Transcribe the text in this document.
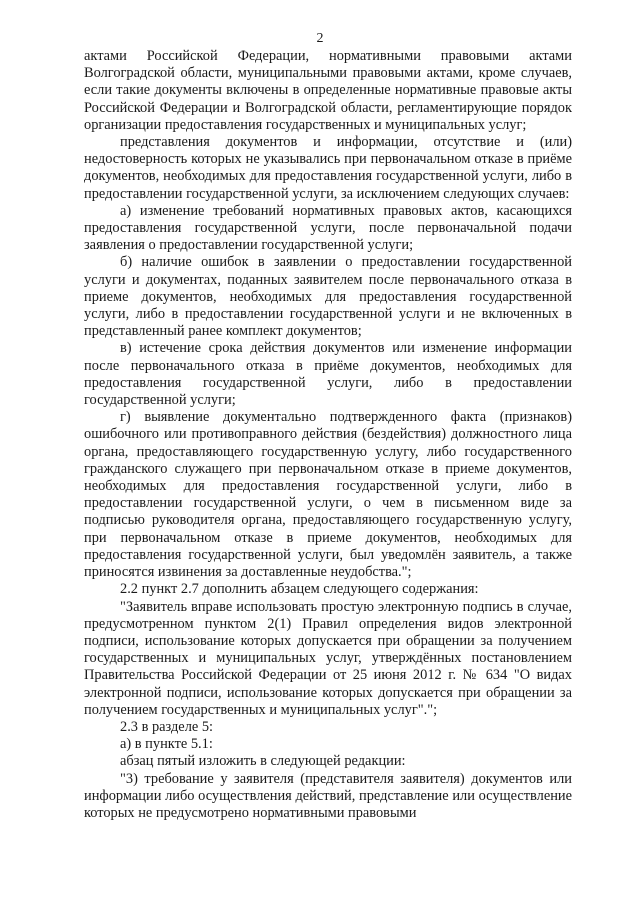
2

актами Российской Федерации, нормативными правовыми актами Волгоградской области, муниципальными правовыми актами, кроме случаев, если такие документы включены в определенные нормативные правовые акты Российской Федерации и Волгоградской области, регламентирующие порядок организации предоставления государственных и муниципальных услуг;

представления документов и информации, отсутствие и (или) недостоверность которых не указывались при первоначальном отказе в приёме документов, необходимых для предоставления государственной услуги, либо в предоставлении государственной услуги, за исключением следующих случаев:

а) изменение требований нормативных правовых актов, касающихся предоставления государственной услуги, после первоначальной подачи заявления о предоставлении государственной услуги;

б) наличие ошибок в заявлении о предоставлении государственной услуги и документах, поданных заявителем после первоначального отказа в приеме документов, необходимых для предоставления государственной услуги, либо в предоставлении государственной услуги и не включенных в представленный ранее комплект документов;

в) истечение срока действия документов или изменение информации после первоначального отказа в приёме документов, необходимых для предоставления государственной услуги, либо в предоставлении государственной услуги;

г) выявление документально подтвержденного факта (признаков) ошибочного или противоправного действия (бездействия) должностного лица органа, предоставляющего государственную услугу, либо государственного гражданского служащего при первоначальном отказе в приеме документов, необходимых для предоставления государственной услуги, либо в предоставлении государственной услуги, о чем в письменном виде за подписью руководителя органа, предоставляющего государственную услугу, при первоначальном отказе в приеме документов, необходимых для предоставления государственной услуги, был уведомлён заявитель, а также приносятся извинения за доставленные неудобства.";

2.2 пункт 2.7 дополнить абзацем следующего содержания:

"Заявитель вправе использовать простую электронную подпись в случае, предусмотренном пунктом 2(1) Правил определения видов электронной подписи, использование которых допускается при обращении за получением государственных и муниципальных услуг, утверждённых постановлением Правительства Российской Федерации от 25 июня 2012 г. № 634 "О видах электронной подписи, использование которых допускается при обращении за получением государственных и муниципальных услуг".";

2.3 в разделе 5:

а) в пункте 5.1:

абзац пятый изложить в следующей редакции:

"3) требование у заявителя (представителя заявителя) документов или информации либо осуществления действий, представление или осуществление которых не предусмотрено нормативными правовыми
